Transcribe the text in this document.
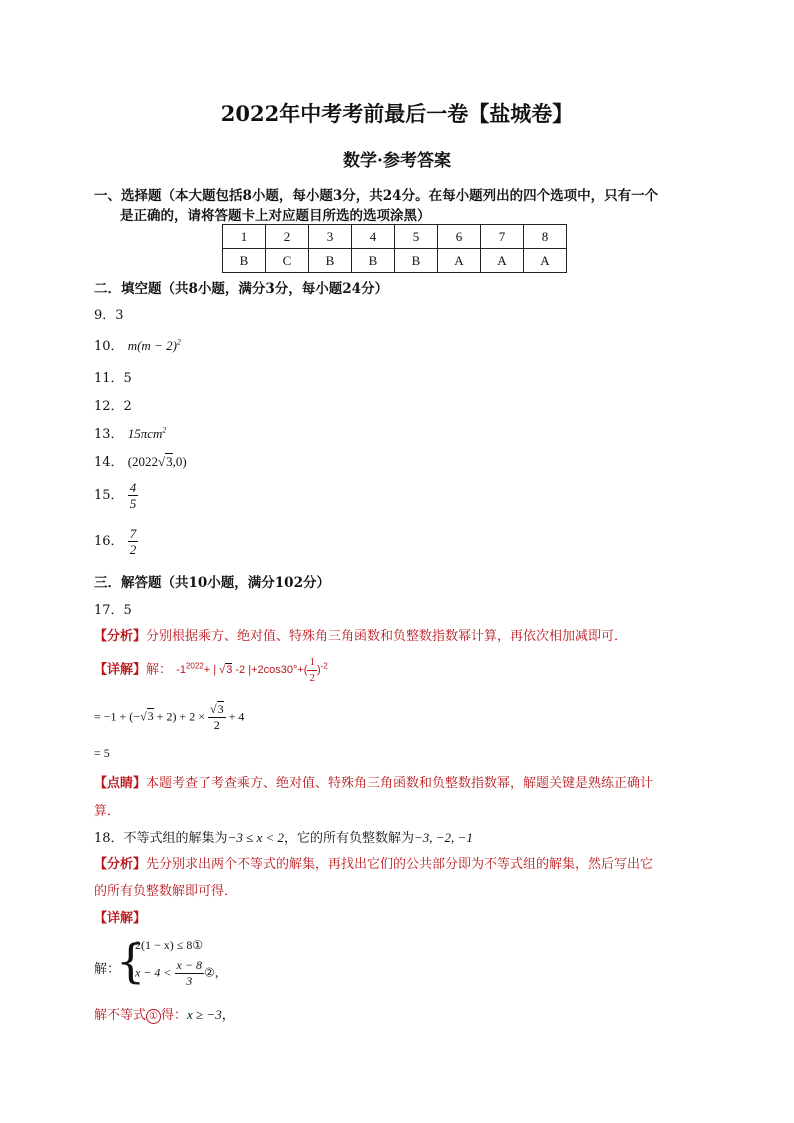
2022年中考考前最后一卷【盐城卷】
数学·参考答案
一、选择题（本大题包括8小题，每小题3分，共24分。在每小题列出的四个选项中，只有一个
是正确的，请将答题卡上对应题目所选的选项涂黑）
1	2	3	4	5	6	7	8
B	C	B	B	B	A	A	A
二．填空题（共8小题，满分3分，每小题24分）
9．3
10． $m(m - 2)^2$
11．5
12．2
13． 15πcm$^2$
14． (2022√3,0)
15． $\frac{4}{5}$
16． $\frac{7}{2}$
三．解答题（共10小题，满分102分）
17．5
【分析】分别根据乘方、绝对值、特殊角三角函数和负整数指数幂计算，再依次相加减即可．
【详解】解： $-1^{2022}+$ | √3 -2 $|+2\cos 30^\circ+( \frac{1}{2} )^{-2}$
= $-1 + (-√3 + 2) + 2 \times \frac{√3}{2} + 4$
= 5
【点睛】本题考查了考查乘方、绝对值、特殊角三角函数和负整数指数幂，解题关键是熟练正确计
算．
18．不等式组的解集为−3 ≤ x < 2，它的所有负整数解为−3, −2, −1
【分析】先分别求出两个不等式的解集，再找出它们的公共部分即为不等式组的解集，然后写出它
的所有负整数解即可得．
【详解】
解：
{
2(1 − x) ≤ 8①
$x - 4 < \frac{x - 8}{3}$ ②，
解不等式 ① 得：x ≥ −3，
